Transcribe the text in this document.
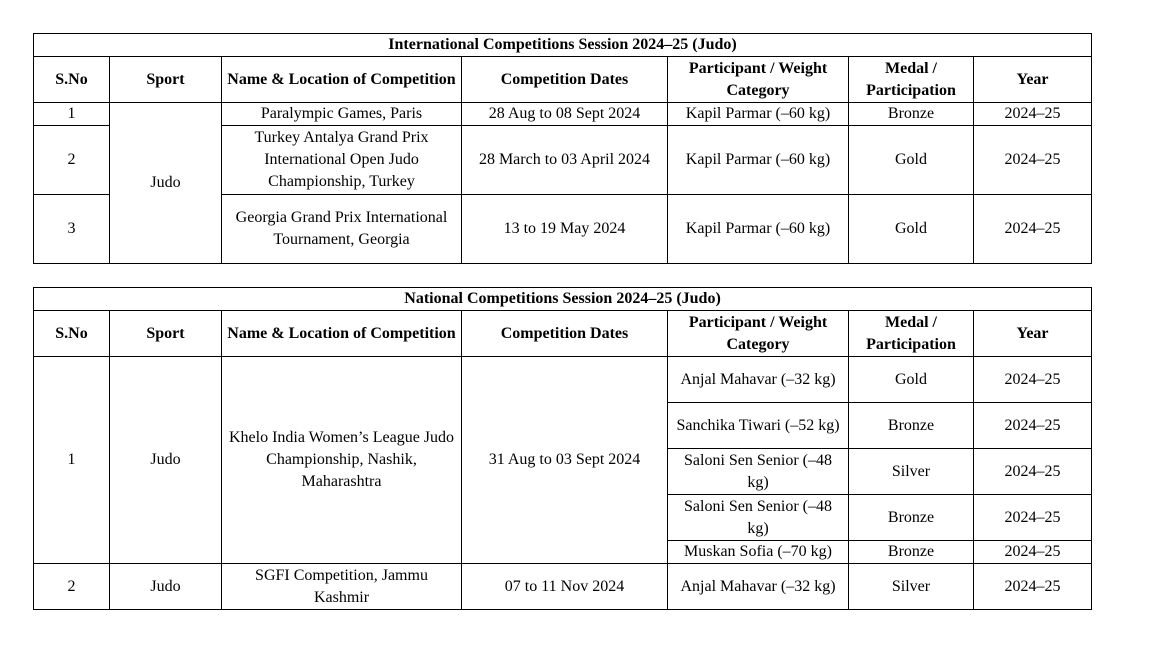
International Competitions Session 2024–25 (Judo)						
S.No	Sport	Name & Location of Competition	Competition Dates	Participant / Weight Category	Medal / Participation	Year
1	Judo	Paralympic Games, Paris	28 Aug to 08 Sept 2024	Kapil Parmar (–60 kg)	Bronze	2024–25
2		Turkey Antalya Grand Prix International Open Judo Championship, Turkey	28 March to 03 April 2024	Kapil Parmar (–60 kg)	Gold	2024–25
3		Georgia Grand Prix International Tournament, Georgia	13 to 19 May 2024	Kapil Parmar (–60 kg)	Gold	2024–25
National Competitions Session 2024–25 (Judo)						
S.No	Sport	Name & Location of Competition	Competition Dates	Participant / Weight Category	Medal / Participation	Year
1	Judo	Khelo India Women’s League Judo Championship, Nashik, Maharashtra	31 Aug to 03 Sept 2024	Anjal Mahavar (–32 kg)	Gold	2024–25
				Sanchika Tiwari (–52 kg)	Bronze	2024–25
				Saloni Sen Senior (–48 kg)	Silver	2024–25
				Saloni Sen Senior (–48 kg)	Bronze	2024–25
				Muskan Sofia (–70 kg)	Bronze	2024–25
2	Judo	SGFI Competition, Jammu Kashmir	07 to 11 Nov 2024	Anjal Mahavar (–32 kg)	Silver	2024–25
